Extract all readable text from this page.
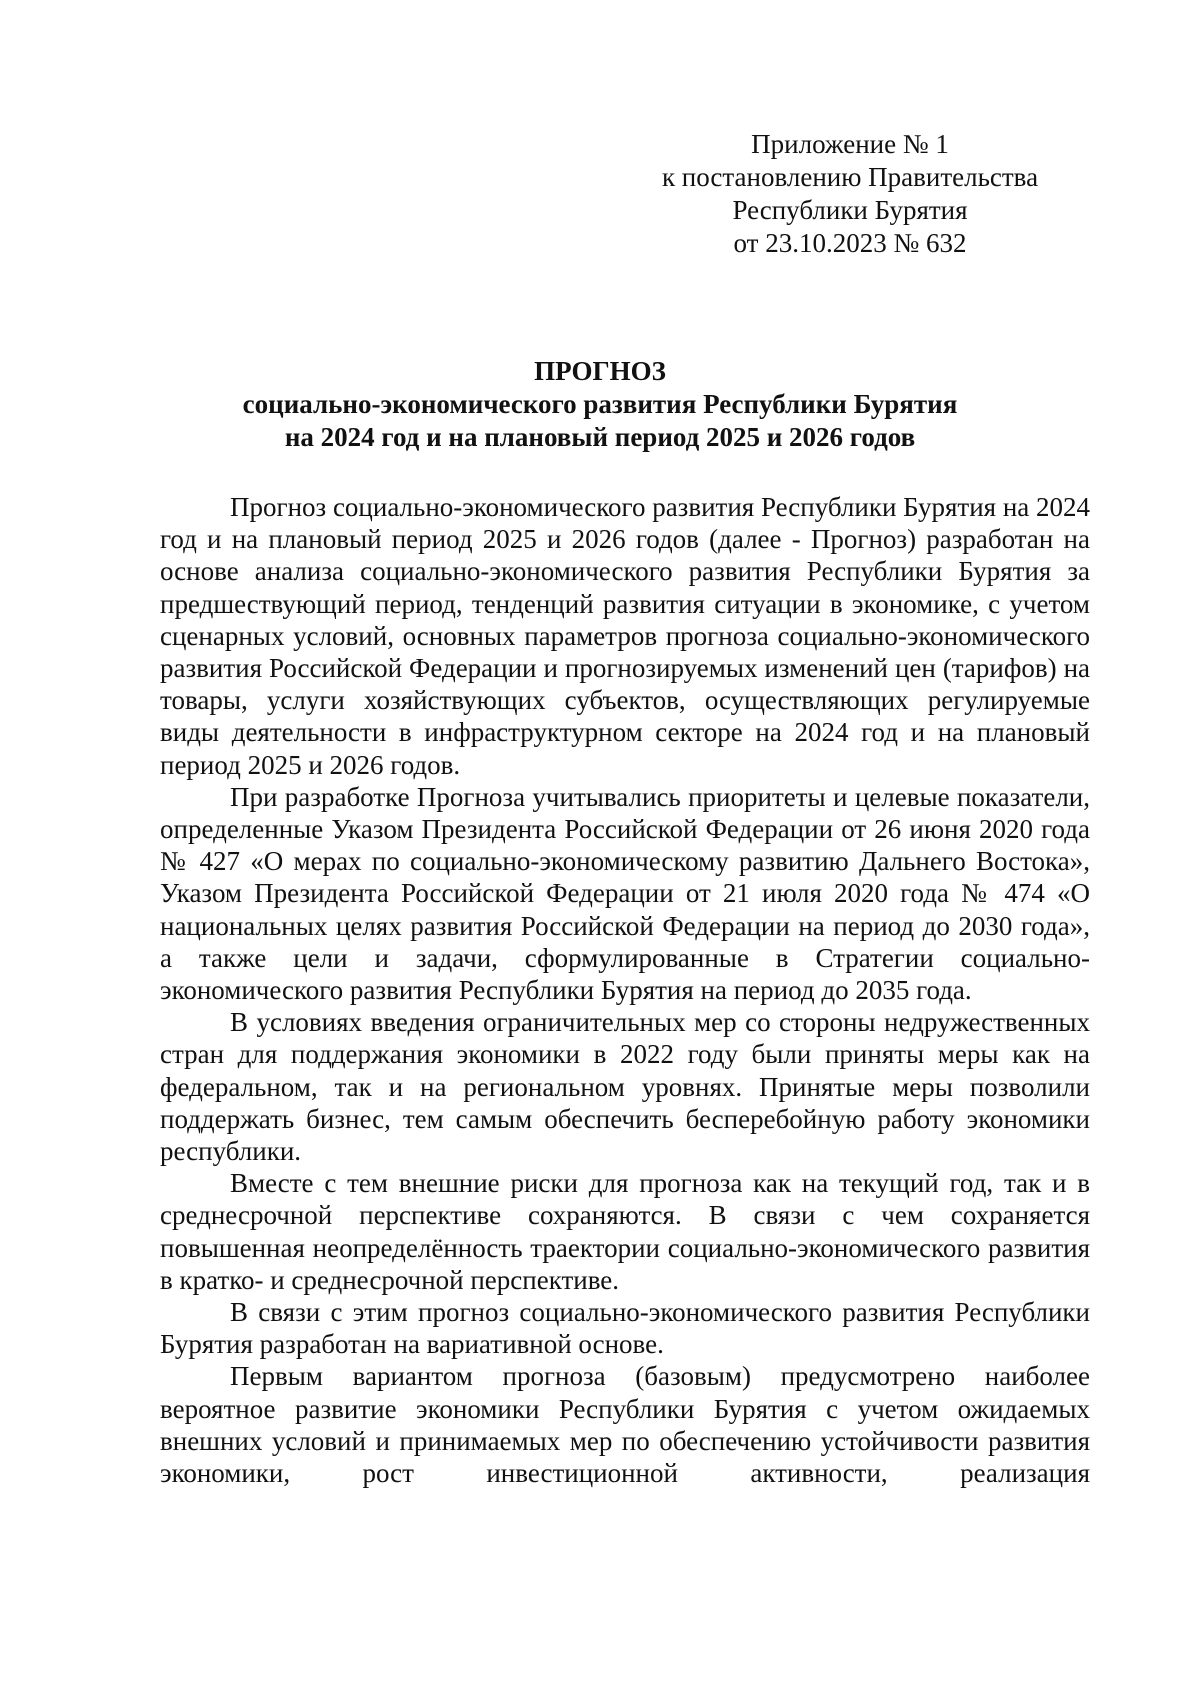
Приложение № 1
к постановлению Правительства
Республики Бурятия
от 23.10.2023 № 632
ПРОГНОЗ
социально-экономического развития Республики Бурятия
на 2024 год и на плановый период 2025 и 2026 годов

Прогноз социально-экономического развития Республики Бурятия на 2024 год и на плановый период 2025 и 2026 годов (далее - Прогноз) разработан на основе анализа социально-экономического развития Республики Бурятия за предшествующий период, тенденций развития ситуации в экономике, с учетом сценарных условий, основных параметров прогноза социально-экономического развития Российской Федерации и прогнозируемых изменений цен (тарифов) на товары, услуги хозяйствующих субъектов, осуществляющих регулируемые виды деятельности в инфраструктурном секторе на 2024 год и на плановый период 2025 и 2026 годов.

При разработке Прогноза учитывались приоритеты и целевые показатели, определенные Указом Президента Российской Федерации от 26 июня 2020 года № 427 «О мерах по социально-экономическому развитию Дальнего Востока», Указом Президента Российской Федерации от 21 июля 2020 года № 474 «О национальных целях развития Российской Федерации на период до 2030 года», а также цели и задачи, сформулированные в Стратегии социально-экономического развития Республики Бурятия на период до 2035 года.

В условиях введения ограничительных мер со стороны недружественных стран для поддержания экономики в 2022 году были приняты меры как на федеральном, так и на региональном уровнях. Принятые меры позволили поддержать бизнес, тем самым обеспечить бесперебойную работу экономики республики.

Вместе с тем внешние риски для прогноза как на текущий год, так и в среднесрочной перспективе сохраняются. В связи с чем сохраняется повышенная неопределённость траектории социально-экономического развития в кратко- и среднесрочной перспективе.

В связи с этим прогноз социально-экономического развития Республики Бурятия разработан на вариативной основе.

Первым вариантом прогноза (базовым) предусмотрено наиболее вероятное развитие экономики Республики Бурятия с учетом ожидаемых внешних условий и принимаемых мер по обеспечению устойчивости развития экономики, рост инвестиционной активности, реализация
